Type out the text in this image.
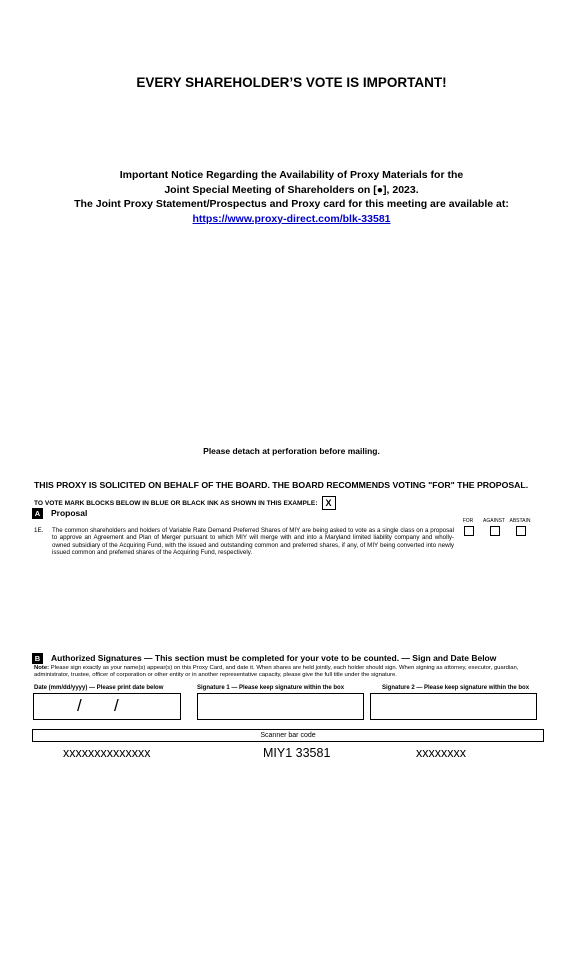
EVERY SHAREHOLDER’S VOTE IS IMPORTANT!
Important Notice Regarding the Availability of Proxy Materials for the
Joint Special Meeting of Shareholders on [●], 2023.
The Joint Proxy Statement/Prospectus and Proxy card for this meeting are available at:
https://www.proxy-direct.com/blk-33581
Please detach at perforation before mailing.
THIS PROXY IS SOLICITED ON BEHALF OF THE BOARD. THE BOARD RECOMMENDS VOTING "FOR" THE PROPOSAL.
TO VOTE MARK BLOCKS BELOW IN BLUE OR BLACK INK AS SHOWN IN THIS EXAMPLE: X
A	Proposal
FOR	AGAINST ABSTAIN
1E. The common shareholders and holders of Variable Rate Demand Preferred Shares of MIY are being asked to vote as a single class on a proposal to approve an Agreement and Plan of Merger pursuant to which MIY will merge with and into a Maryland limited liability company and wholly-owned subsidiary of the Acquiring Fund, with the issued and outstanding common and preferred shares, if any, of MIY being converted into newly issued common and preferred shares of the Acquiring Fund, respectively.
B	Authorized Signatures — This section must be completed for your vote to be counted. — Sign and Date Below
Note: Please sign exactly as your name(s) appear(s) on this Proxy Card, and date it. When shares are held jointly, each holder should sign. When signing as attorney, executor, guardian, administrator, trustee, officer of corporation or other entity or in another representative capacity, please give the full title under the signature.
Date (mm/dd/yyyy) — Please print date below	Signature 1 — Please keep signature within the box	Signature 2 — Please keep signature within the box
/ /
Scanner bar code
xxxxxxxxxxxxxx	MIY1 33581	xxxxxxxx
